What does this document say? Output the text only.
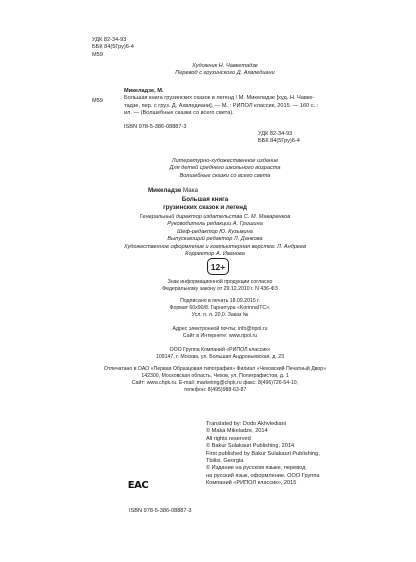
УДК 82-34-93
ББК 84(5Гру)6-4
М59
Художник Н. Чавкетадзе
Перевод с грузинского Д. Ахвледиани
М59
Микеладзе, М.
Большая книга грузинских сказок и легенд / М. Микеладзе [худ. Н. Чавке-
тадзе, пер. с груз. Д. Ахвледиани]. — М. : РИПОЛ классик, 2015. — 160 с. :
ил. — (Волшебные сказки со всего света).
ISBN 978-5-386-08887-3
УДК 82-34-93
ББК 84(5Гру)6-4
Литературно-художественное издание
Для детей среднего школьного возраста
Волшебные сказки со всего света
Микеладзе Мака
Большая книга
грузинских сказок и легенд
Генеральный директор издательства С. М. Макаренков
Руководитель редакции А. Гришина
Шеф-редактор Ю. Кузьмина
Выпускающий редактор Л. Данкова
Художественное оформление и компьютерная верстка: Л. Андреев
Корректор А. Иванова
12+
Знак информационной продукции согласно
Федеральному закону от 29.12.2010 г. N 436-ФЗ
Подписано в печать 18.09.2015 г.
Формат 60х90/8. Гарнитура «KorinnaITC».
Усл. п. л. 20,0. Заказ №
Адрес электронной почты: info@ripol.ru
Сайт в Интернете: www.ripol.ru
ООО Группа Компаний «РИПОЛ классик»
109147, г. Москва, ул. Большая Андроньевская, д. 23
Отпечатано в ОАО «Первая Образцовая типография» Филиал «Чеховский Печатный Двор»
142300, Московская область, Чехов, ул. Полиграфистов, д. 1
Сайт: www.chpk.ru. E-mail: marketing@chpk.ru факс: 8(496)726-54-10,
телефон: 8(495)988-63-87
ЕАС
ISBN 978-5-386-08887-3
Translated by: Dodo Akhvlediani
© Maka Mikeladze, 2014
All rights reserved
© Bakur Sulakauri Publishing, 2014
First published by Bakur Sulakauri Publishing,
Tbilisi, Georgia
© Издание на русском языке, перевод
на русский язык, оформление. ООО Группа
Компаний «РИПОЛ классик», 2015
